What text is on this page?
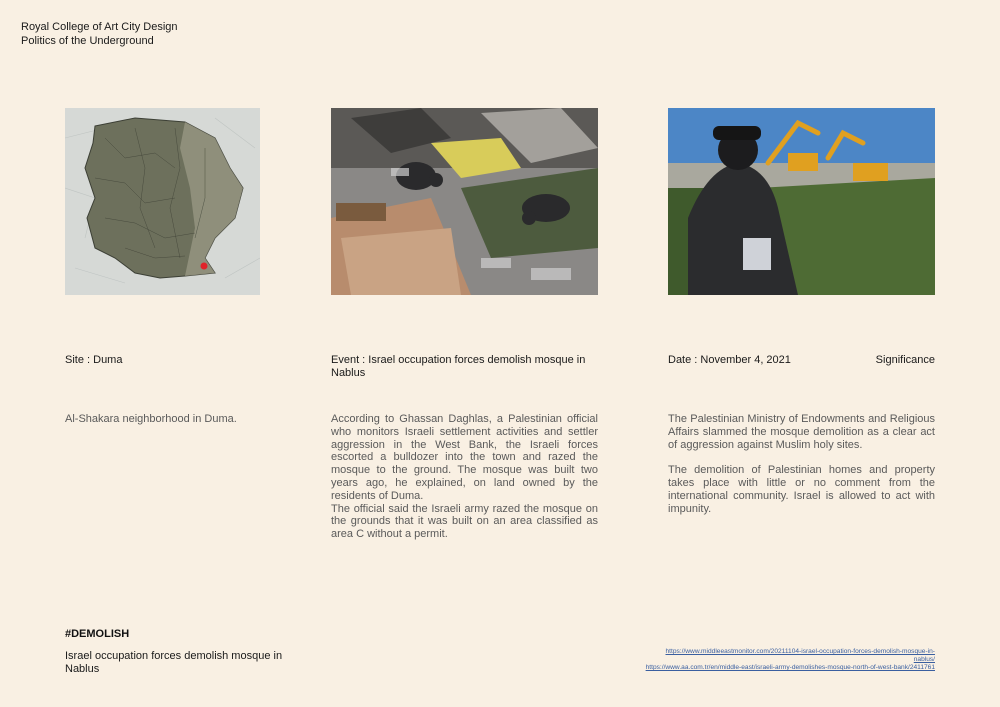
Royal College of Art City Design
Politics of the Underground
Site : Duma	Event : Israel occupation forces demolish mosque in Nablus
Date : November 4, 2021	Significance

Al-Shakara neighborhood in Duma.	According to Ghassan Daghlas, a Palestinian official who monitors Israeli settlement activities and settler aggression in the West Bank, the Israeli forces escorted a bulldozer into the town and razed the mosque to the ground. The mosque was built two years ago, he explained, on land owned by the residents of Duma.

The official said the Israeli army razed the mosque on the grounds that it was built on an area classified as area C without a permit.

The Palestinian Ministry of Endowments and Religious Affairs slammed the mosque demolition as a clear act of aggression against Muslim holy sites.

The demolition of Palestinian homes and property takes place with little or no comment from the international community. Israel is allowed to act with impunity.

#DEMOLISH
Israel occupation forces demolish mosque in Nablus
https://www.middleeastmonitor.com/20211104-israel-occupation-forces-demolish-mosque-in-nablus/
https://www.aa.com.tr/en/middle-east/israeli-army-demolishes-mosque-north-of-west-bank/2411761
